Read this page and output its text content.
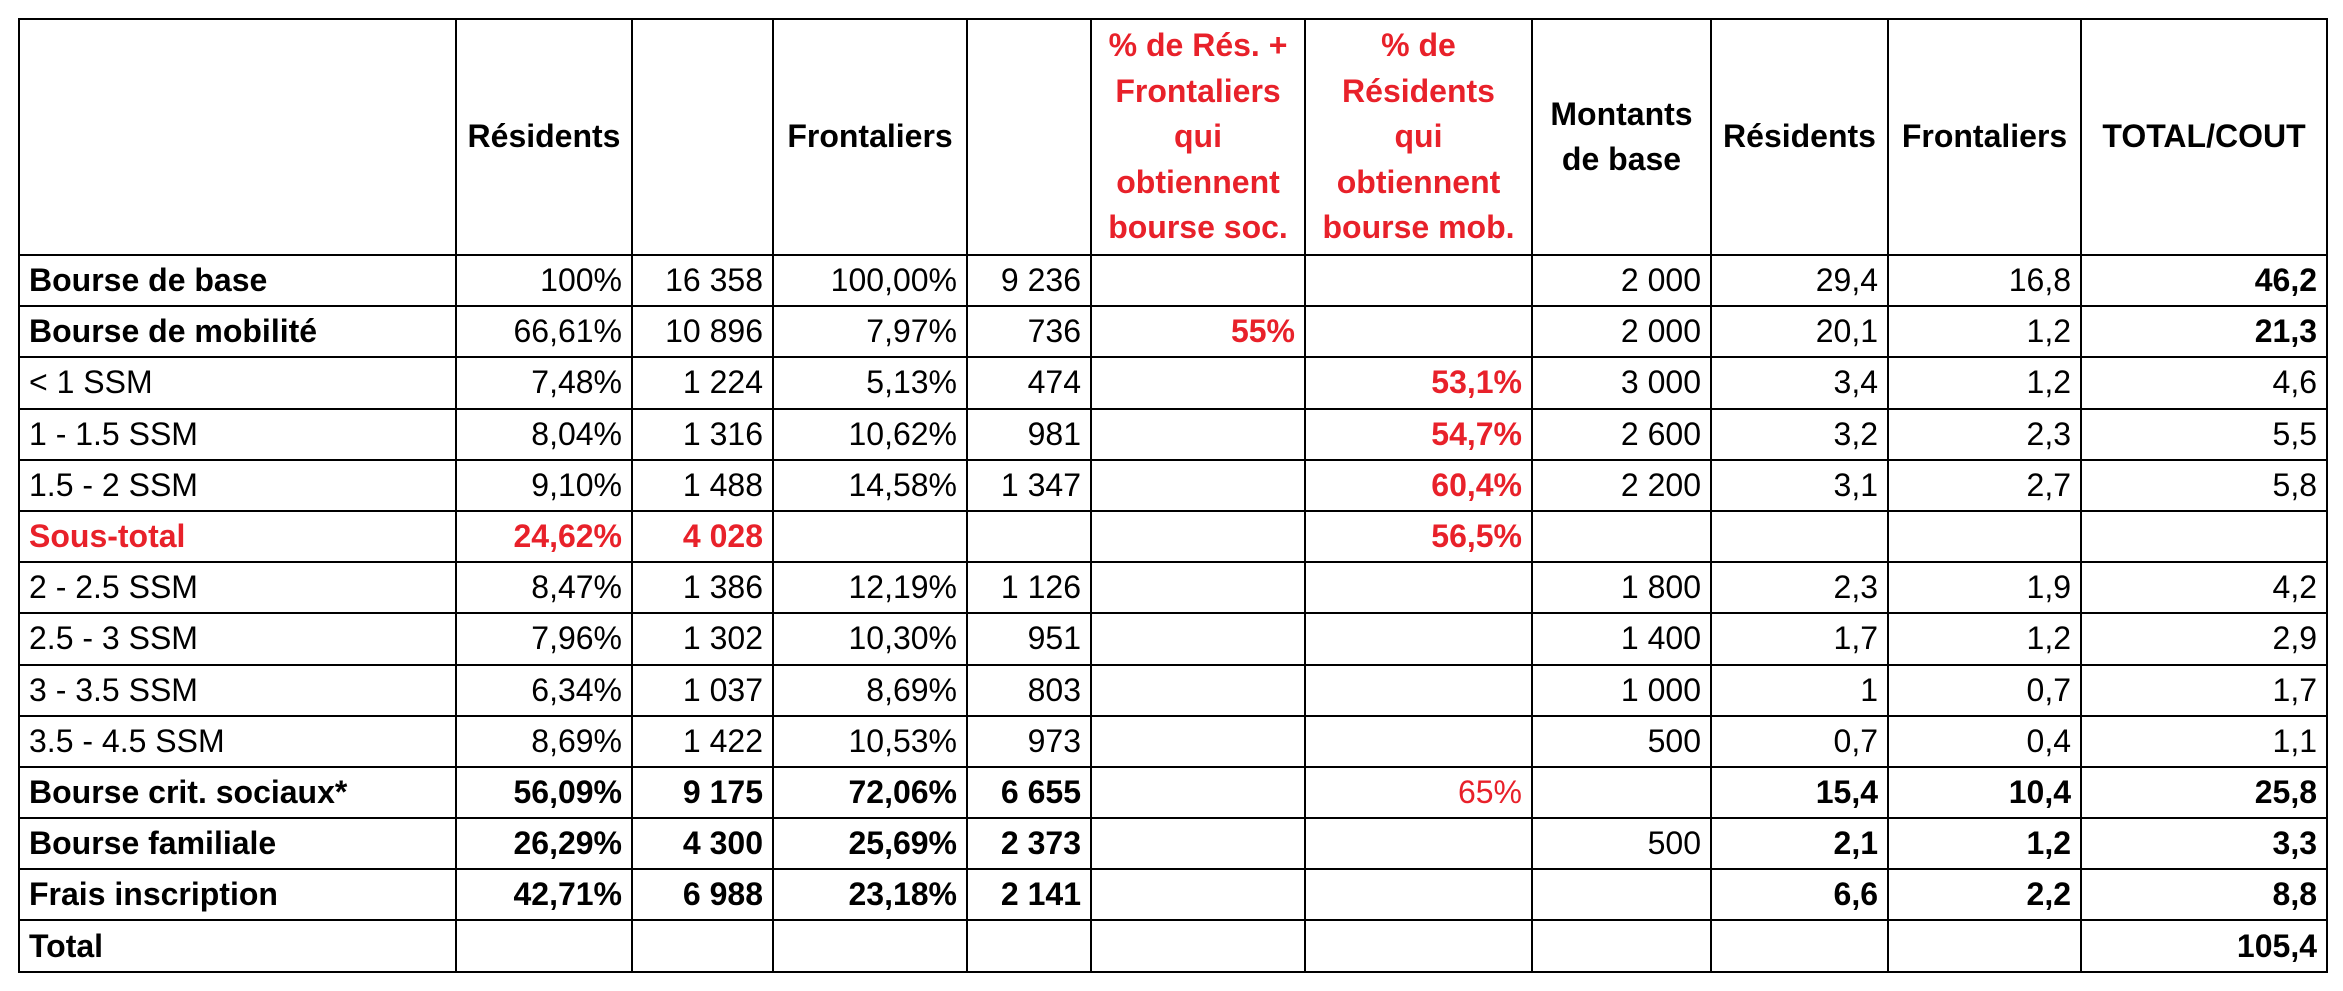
	Résidents		Frontaliers		% de Rés. + Frontaliers qui obtiennent bourse soc.	% de Résidents qui obtiennent bourse mob.	Montants de base	Résidents	Frontaliers	TOTAL/COUT
Bourse de base	100%	16 358	100,00%	9 236			2 000	29,4	16,8	46,2
Bourse de mobilité	66,61%	10 896	7,97%	736	55%		2 000	20,1	1,2	21,3
< 1 SSM	7,48%	1 224	5,13%	474		53,1%	3 000	3,4	1,2	4,6
1 - 1.5 SSM	8,04%	1 316	10,62%	981		54,7%	2 600	3,2	2,3	5,5
1.5 - 2 SSM	9,10%	1 488	14,58%	1 347		60,4%	2 200	3,1	2,7	5,8
Sous-total	24,62%	4 028				56,5%				
2 - 2.5 SSM	8,47%	1 386	12,19%	1 126			1 800	2,3	1,9	4,2
2.5 - 3 SSM	7,96%	1 302	10,30%	951			1 400	1,7	1,2	2,9
3 - 3.5 SSM	6,34%	1 037	8,69%	803			1 000	1	0,7	1,7
3.5 - 4.5 SSM	8,69%	1 422	10,53%	973			500	0,7	0,4	1,1
Bourse crit. sociaux*	56,09%	9 175	72,06%	6 655		65%		15,4	10,4	25,8
Bourse familiale	26,29%	4 300	25,69%	2 373			500	2,1	1,2	3,3
Frais inscription	42,71%	6 988	23,18%	2 141				6,6	2,2	8,8
Total										105,4
